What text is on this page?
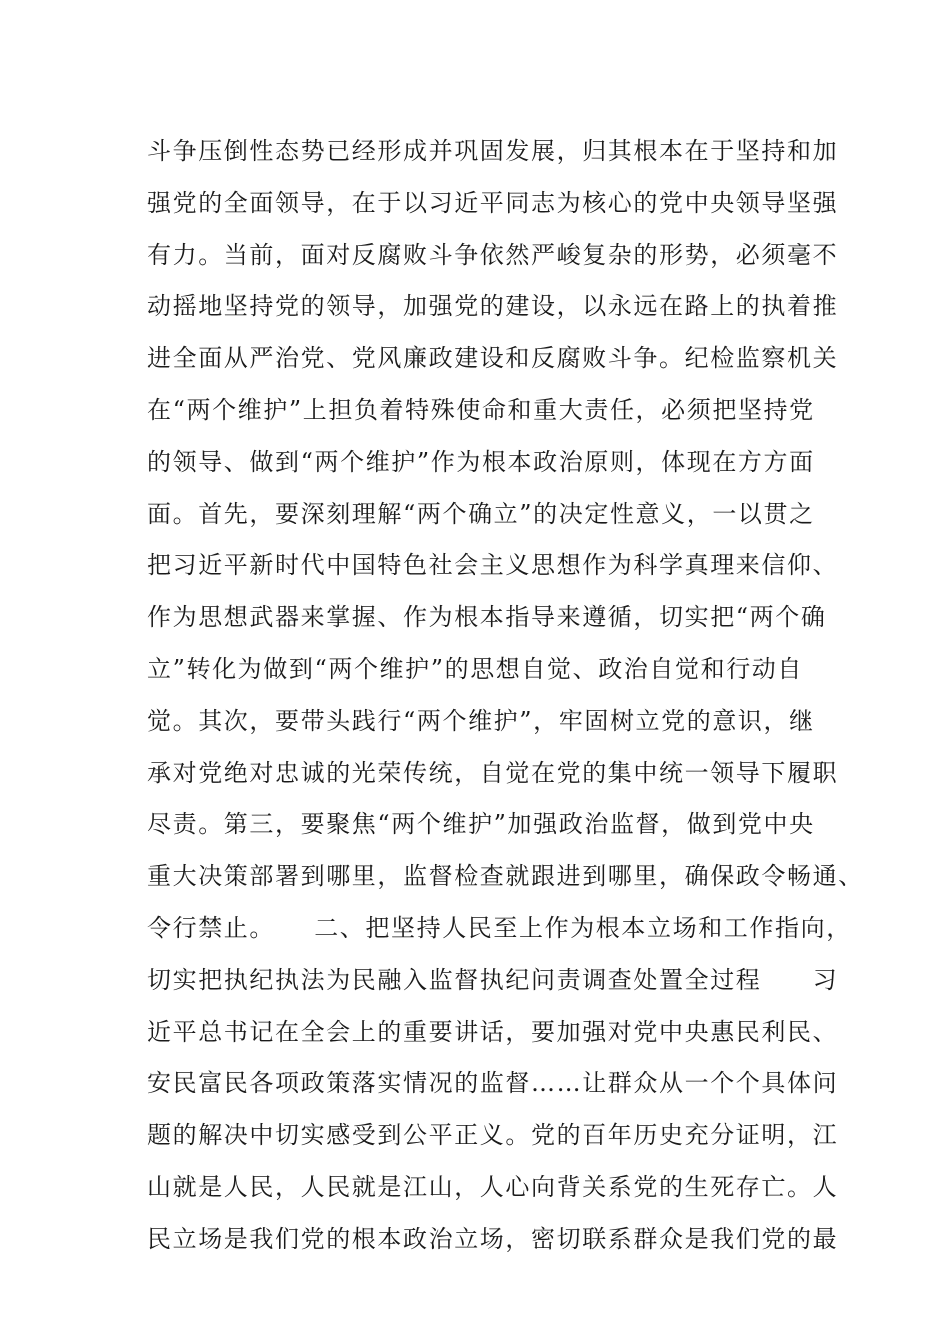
斗争压倒性态势已经形成并巩固发展，归其根本在于坚持和加
强党的全面领导，在于以习近平同志为核心的党中央领导坚强
有力。当前，面对反腐败斗争依然严峻复杂的形势，必须毫不
动摇地坚持党的领导，加强党的建设，以永远在路上的执着推
进全面从严治党、党风廉政建设和反腐败斗争。纪检监察机关
在“两个维护”上担负着特殊使命和重大责任，必须把坚持党
的领导、做到“两个维护”作为根本政治原则，体现在方方面
面。首先，要深刻理解“两个确立”的决定性意义，一以贯之
把习近平新时代中国特色社会主义思想作为科学真理来信仰、
作为思想武器来掌握、作为根本指导来遵循，切实把“两个确
立”转化为做到“两个维护”的思想自觉、政治自觉和行动自
觉。其次，要带头践行“两个维护”，牢固树立党的意识，继
承对党绝对忠诚的光荣传统，自觉在党的集中统一领导下履职
尽责。第三，要聚焦“两个维护”加强政治监督，做到党中央
重大决策部署到哪里，监督检查就跟进到哪里，确保政令畅通、
令行禁止。　　二、把坚持人民至上作为根本立场和工作指向，
切实把执纪执法为民融入监督执纪问责调查处置全过程　　习
近平总书记在全会上的重要讲话，要加强对党中央惠民利民、
安民富民各项政策落实情况的监督……让群众从一个个具体问
题的解决中切实感受到公平正义。党的百年历史充分证明，江
山就是人民，人民就是江山，人心向背关系党的生死存亡。人
民立场是我们党的根本政治立场，密切联系群众是我们党的最
